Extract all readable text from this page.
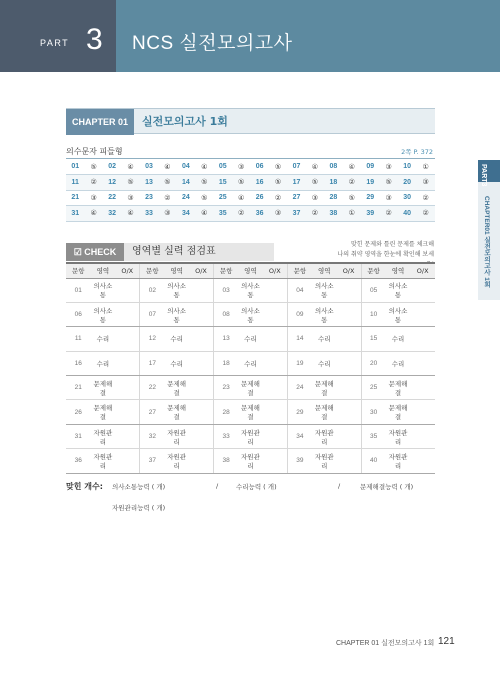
PART 3 NCS 실전모의고사
CHAPTER 01	실전모의고사 1회
의수문자 피들형	2쪽 P. 372
01	⑤	02	④	03	④	04	④	05	③	06	⑤	07	④	08	④	09	③	10	①
11	②	12	⑤	13	⑤	14	⑤	15	⑤	16	⑤	17	⑤	18	②	19	⑤	20	③
21	③	22	③	23	②	24	⑤	25	④	26	②	27	③	28	⑤	29	③	30	②
31	④	32	④	33	③	34	④	35	②	36	③	37	②	38	①	39	②	40	②
PART3
CHAPTER01 실전모의고사 1회
☑ CHECK	영역별 실력 점검표
맞힌 문제와 틀린 문제를 체크해
나의 취약 영역을 한눈에 확인해 보세
문항	영역	O/X	문항	영역	O/X	문항	영역	O/X	문항	영역	O/X	문항	영역	O/X
01	의사소통		02	의사소통		03	의사소통		04	의사소통		05	의사소통	
06	의사소통		07	의사소통		08	의사소통		09	의사소통		10	의사소통	
11	수리		12	수리		13	수리		14	수리		15	수리	
16	수리		17	수리		18	수리		19	수리		20	수리	
21	문제해결		22	문제해결		23	문제해결		24	문제해결		25	문제해결	
26	문제해결		27	문제해결		28	문제해결		29	문제해결		30	문제해결	
31	자원관리		32	자원관리		33	자원관리		34	자원관리		35	자원관리	
36	자원관리		37	자원관리		38	자원관리		39	자원관리		40	자원관리	
맞힌 개수: 의사소통능력 ( 개)	/	수리능력 ( 개)	/	문제해결능력 ( 개)
자원관리능력 ( 개)
CHAPTER 01 실전모의고사 1회 121
